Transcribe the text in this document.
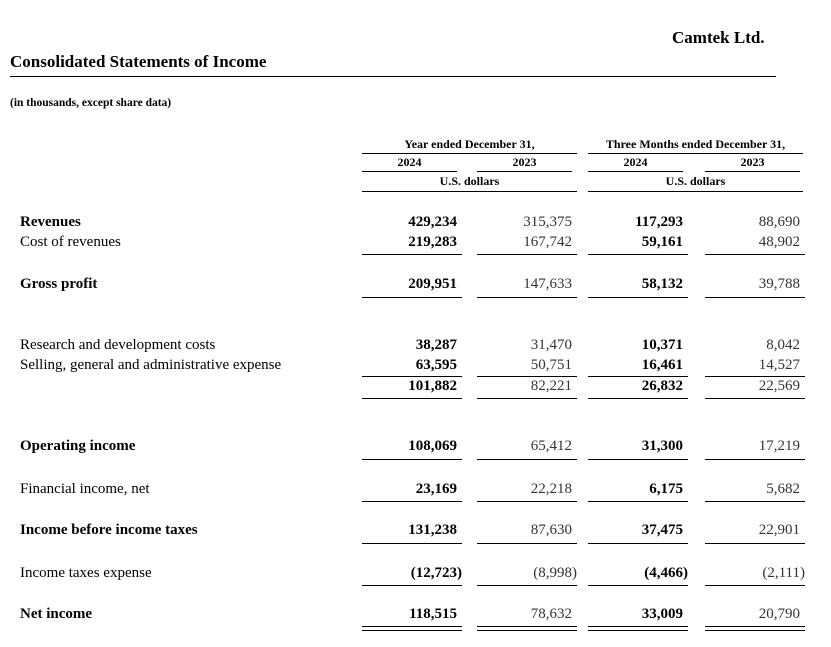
Camtek Ltd.
Consolidated Statements of Income
(in thousands, except share data)
Year ended December 31,
2024	2023
U.S. dollars
Three Months ended December 31,
2024	2023
U.S. dollars
Revenues	429,234	315,375	117,293	88,690
Cost of revenues	219,283	167,742	59,161	48,902
Gross profit	209,951	147,633	58,132	39,788
Research and development costs	38,287	31,470	10,371	8,042
Selling, general and administrative expense	63,595	50,751	16,461	14,527
101,882	82,221	26,832	22,569
Operating income	108,069	65,412	31,300	17,219
Financial income, net	23,169	22,218	6,175	5,682
Income before income taxes	131,238	87,630	37,475	22,901
Income taxes expense	(12,723)	(8,998)	(4,466)	(2,111)
Net income	118,515	78,632	33,009	20,790
